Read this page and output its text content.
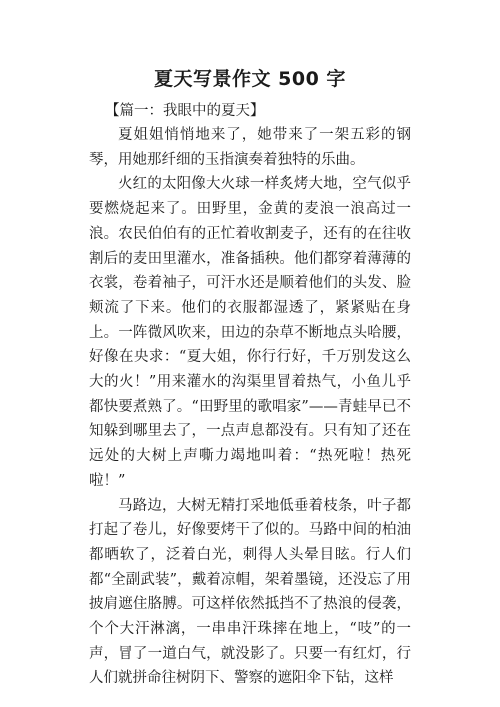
夏天写景作文 500 字
【篇一：我眼中的夏天】

夏姐姐悄悄地来了，她带来了一架五彩的钢琴，用她那纤细的玉指演奏着独特的乐曲。

火红的太阳像大火球一样炙烤大地，空气似乎要燃烧起来了。田野里，金黄的麦浪一浪高过一浪。农民伯伯有的正忙着收割麦子，还有的在往收割后的麦田里灌水，准备插秧。他们都穿着薄薄的衣裳，卷着袖子，可汗水还是顺着他们的头发、脸颊流了下来。他们的衣服都湿透了，紧紧贴在身上。一阵微风吹来，田边的杂草不断地点头哈腰，好像在央求：“夏大姐，你行行好，千万别发这么大的火！”用来灌水的沟渠里冒着热气，小鱼儿乎都快要煮熟了。“田野里的歌唱家”——青蛙早已不知躲到哪里去了，一点声息都没有。只有知了还在远处的大树上声嘶力竭地叫着：“热死啦！热死啦！”

马路边，大树无精打采地低垂着枝条，叶子都打起了卷儿，好像要烤干了似的。马路中间的柏油都晒软了，泛着白光，刺得人头晕目眩。行人们都“全副武装”，戴着凉帽，架着墨镜，还没忘了用披肩遮住胳膊。可这样依然抵挡不了热浪的侵袭，个个大汗淋漓，一串串汗珠摔在地上，“吱”的一声，冒了一道白气，就没影了。只要一有红灯，行人们就拼命往树阴下、警察的遮阳伞下钻，这样
